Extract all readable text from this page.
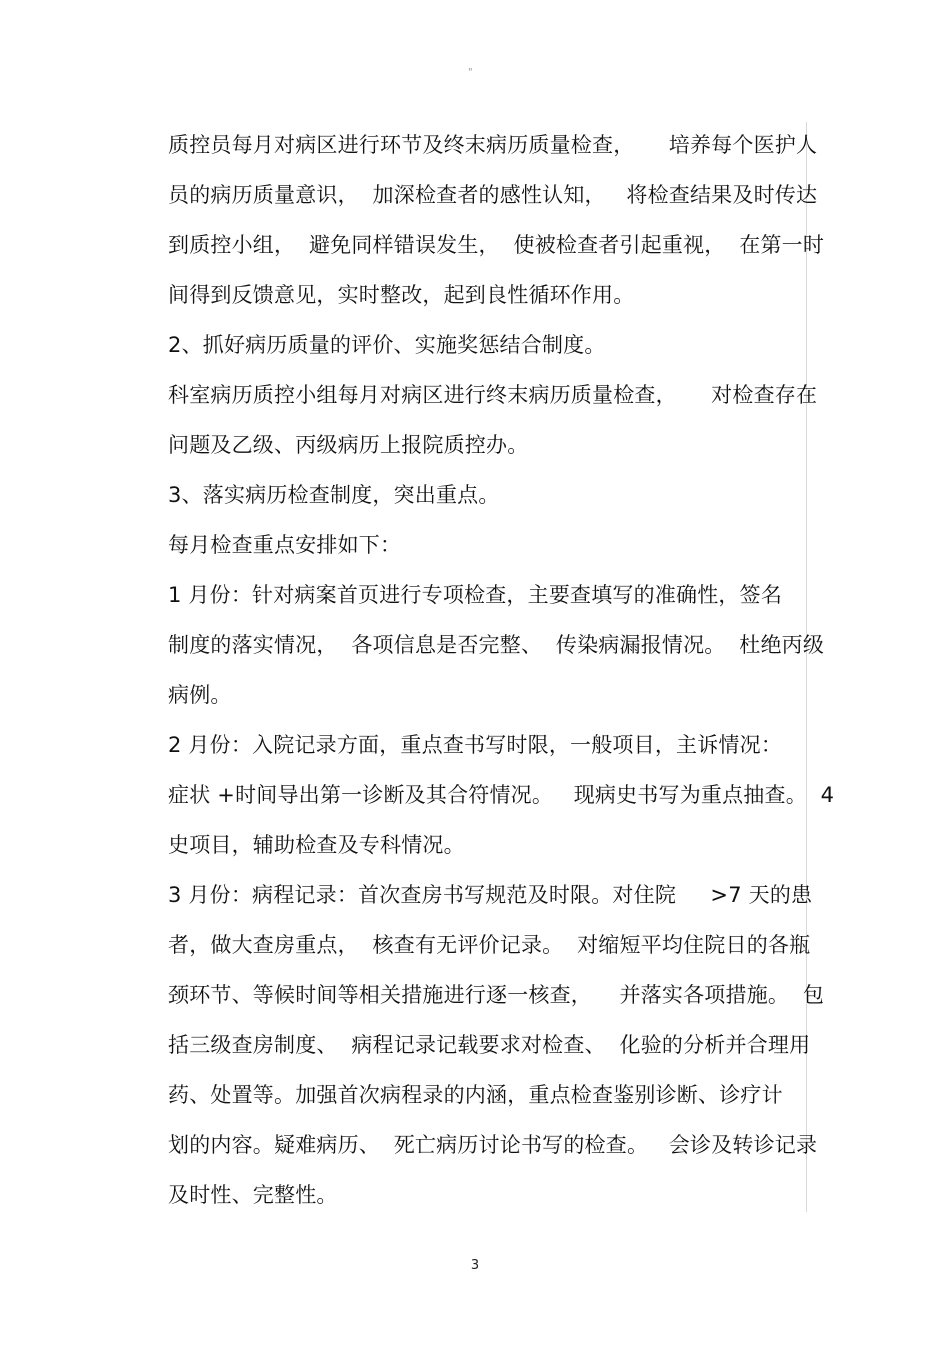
"
质控员每月对病区进行环节及终末病历质量检查，     培养每个医护人
员的病历质量意识，  加深检查者的感性认知，   将检查结果及时传达
到质控小组，  避免同样错误发生，  使被检查者引起重视，  在第一时
间得到反馈意见，实时整改，起到良性循环作用。
2、抓好病历质量的评价、实施奖惩结合制度。
科室病历质控小组每月对病区进行终末病历质量检查，     对检查存在
问题及乙级、丙级病历上报院质控办。
3、落实病历检查制度，突出重点。
每月检查重点安排如下：
1 月份：针对病案首页进行专项检查，主要查填写的准确性，签名
制度的落实情况，  各项信息是否完整、  传染病漏报情况。  杜绝丙级
病例。
2 月份：入院记录方面，重点查书写时限，一般项目，主诉情况：
症状 +时间导出第一诊断及其合符情况。   现病史书写为重点抽查。  4
史项目，辅助检查及专科情况。
3 月份：病程记录：首次查房书写规范及时限。对住院     >7 天的患
者，做大查房重点，  核查有无评价记录。  对缩短平均住院日的各瓶
颈环节、等候时间等相关措施进行逐一核查，    并落实各项措施。  包
括三级查房制度、  病程记录记载要求对检查、  化验的分析并合理用
药、处置等。加强首次病程录的内涵，重点检查鉴别诊断、诊疗计
划的内容。疑难病历、  死亡病历讨论书写的检查。   会诊及转诊记录
及时性、完整性。
3
